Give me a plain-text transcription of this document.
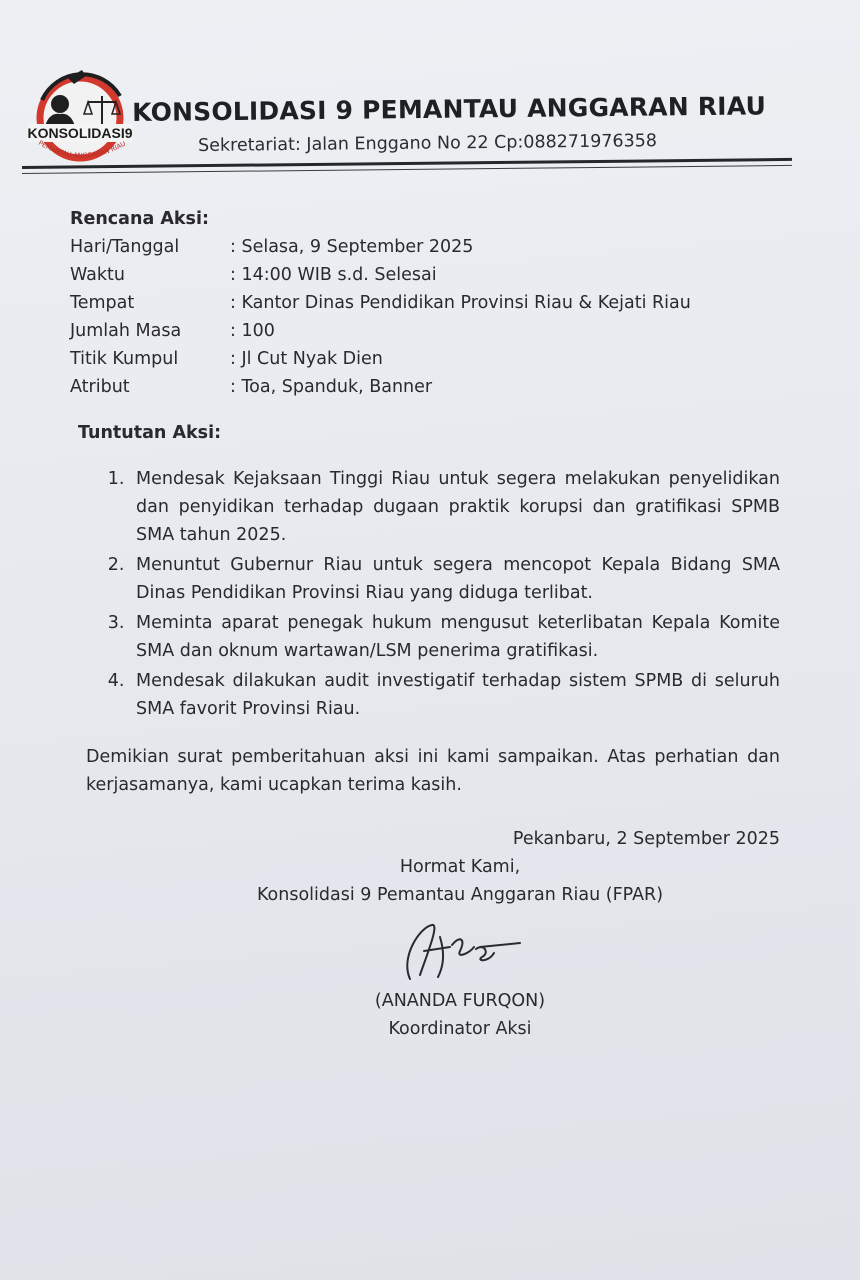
KONSOLIDASI9
PEMANTAU ANGGARAN RIAU
KONSOLIDASI 9 PEMANTAU ANGGARAN RIAU
Sekretariat: Jalan Enggano No 22 Cp:088271976358

Rencana Aksi:

Hari/Tanggal	: Selasa, 9 September 2025
Waktu	: 14:00 WIB s.d. Selesai
Tempat	: Kantor Dinas Pendidikan Provinsi Riau & Kejati Riau
Jumlah Masa	: 100
Titik Kumpul	: Jl Cut Nyak Dien
Atribut	: Toa, Spanduk, Banner

Tuntutan Aksi:

1. Mendesak Kejaksaan Tinggi Riau untuk segera melakukan penyelidikan dan penyidikan terhadap dugaan praktik korupsi dan gratifikasi SPMB SMA tahun 2025.
2. Menuntut Gubernur Riau untuk segera mencopot Kepala Bidang SMA Dinas Pendidikan Provinsi Riau yang diduga terlibat.
3. Meminta aparat penegak hukum mengusut keterlibatan Kepala Komite SMA dan oknum wartawan/LSM penerima gratifikasi.
4. Mendesak dilakukan audit investigatif terhadap sistem SPMB di seluruh SMA favorit Provinsi Riau.

Demikian surat pemberitahuan aksi ini kami sampaikan. Atas perhatian dan kerjasamanya, kami ucapkan terima kasih.

Pekanbaru, 2 September 2025
Hormat Kami,
Konsolidasi 9 Pemantau Anggaran Riau (FPAR)
(ANANDA FURQON)
Koordinator Aksi
